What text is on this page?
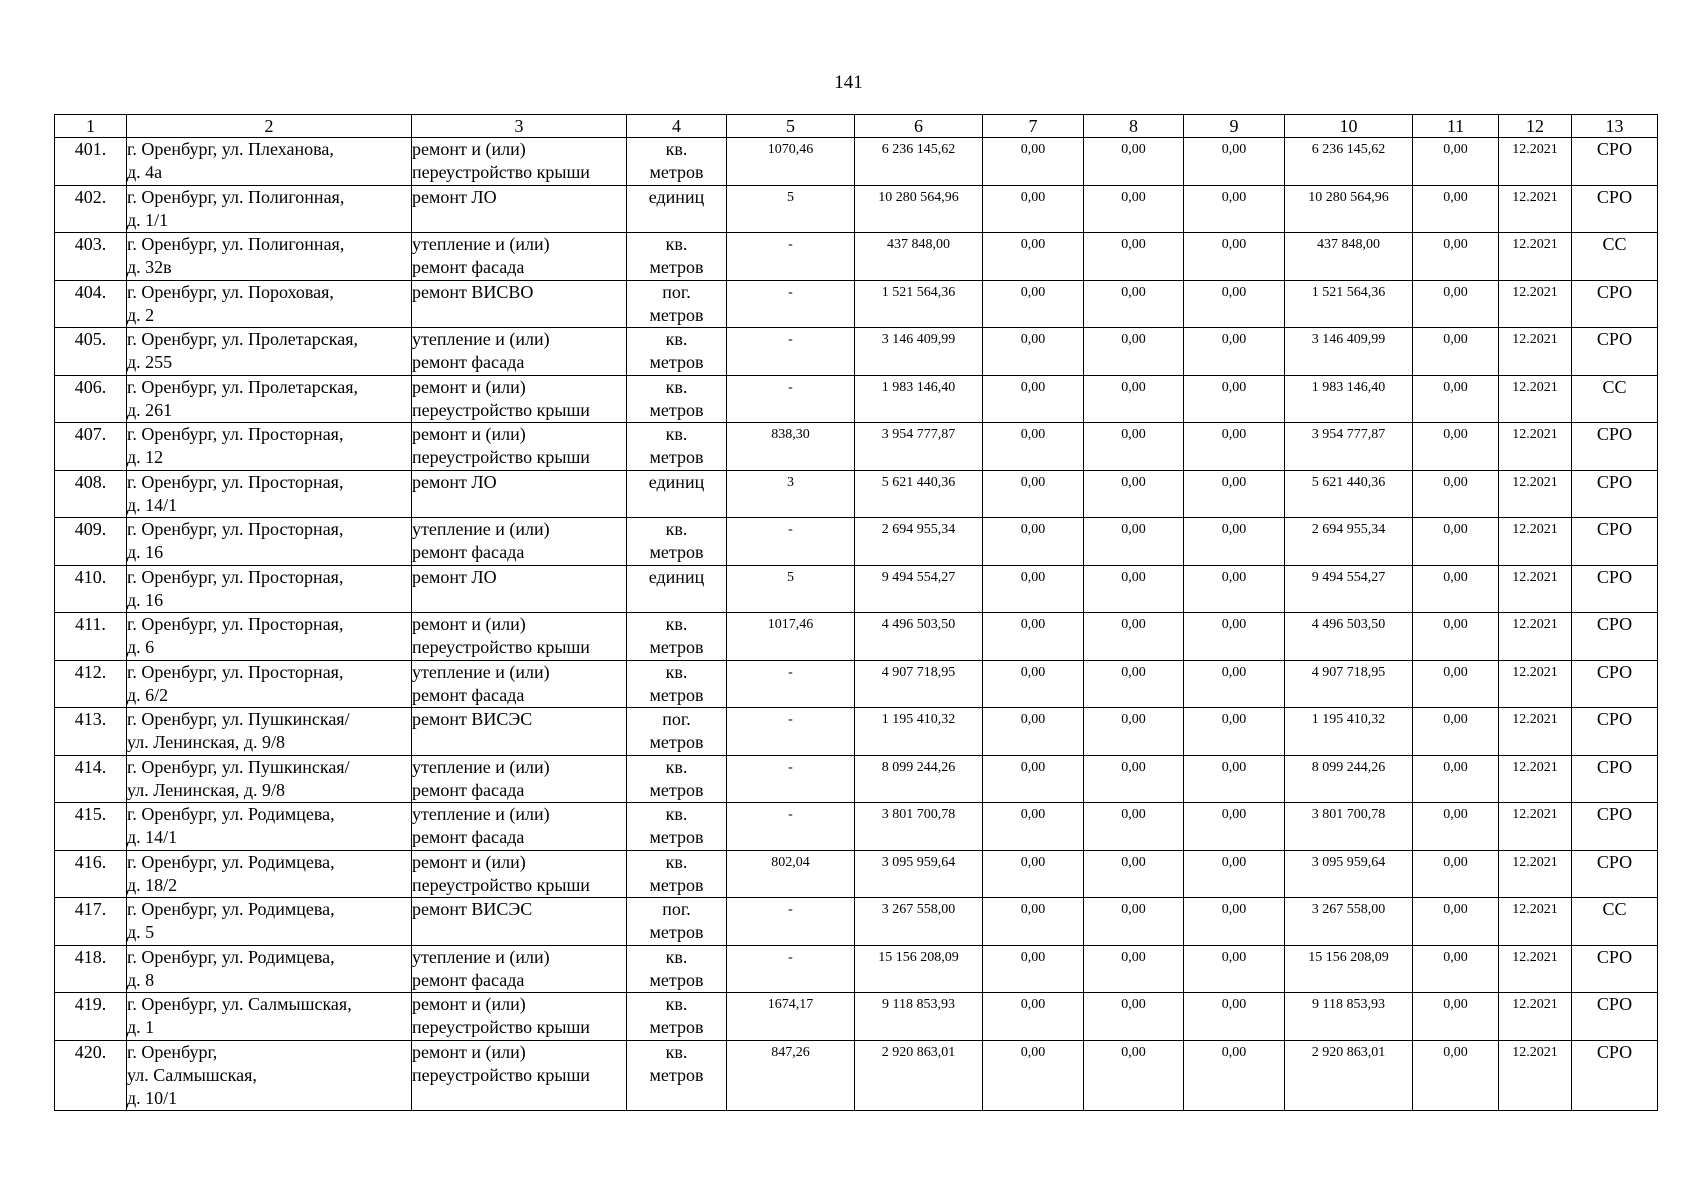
141
1	2	3	4	5	6	7	8	9	10	11	12	13
401.	г. Оренбург, ул. Плеханова,
д. 4а	ремонт и (или)
переустройство крыши	кв.
метров	1070,46	6 236 145,62	0,00	0,00	0,00	6 236 145,62	0,00	12.2021	СРО
402.	г. Оренбург, ул. Полигонная,
д. 1/1	ремонт ЛО	единиц	5	10 280 564,96	0,00	0,00	0,00	10 280 564,96	0,00	12.2021	СРО
403.	г. Оренбург, ул. Полигонная,
д. 32в	утепление и (или)
ремонт фасада	кв.
метров	-	437 848,00	0,00	0,00	0,00	437 848,00	0,00	12.2021	СС
404.	г. Оренбург, ул. Пороховая,
д. 2	ремонт ВИСВО	пог.
метров	-	1 521 564,36	0,00	0,00	0,00	1 521 564,36	0,00	12.2021	СРО
405.	г. Оренбург, ул. Пролетарская,
д. 255	утепление и (или)
ремонт фасада	кв.
метров	-	3 146 409,99	0,00	0,00	0,00	3 146 409,99	0,00	12.2021	СРО
406.	г. Оренбург, ул. Пролетарская,
д. 261	ремонт и (или)
переустройство крыши	кв.
метров	-	1 983 146,40	0,00	0,00	0,00	1 983 146,40	0,00	12.2021	СС
407.	г. Оренбург, ул. Просторная,
д. 12	ремонт и (или)
переустройство крыши	кв.
метров	838,30	3 954 777,87	0,00	0,00	0,00	3 954 777,87	0,00	12.2021	СРО
408.	г. Оренбург, ул. Просторная,
д. 14/1	ремонт ЛО	единиц	3	5 621 440,36	0,00	0,00	0,00	5 621 440,36	0,00	12.2021	СРО
409.	г. Оренбург, ул. Просторная,
д. 16	утепление и (или)
ремонт фасада	кв.
метров	-	2 694 955,34	0,00	0,00	0,00	2 694 955,34	0,00	12.2021	СРО
410.	г. Оренбург, ул. Просторная,
д. 16	ремонт ЛО	единиц	5	9 494 554,27	0,00	0,00	0,00	9 494 554,27	0,00	12.2021	СРО
411.	г. Оренбург, ул. Просторная,
д. 6	ремонт и (или)
переустройство крыши	кв.
метров	1017,46	4 496 503,50	0,00	0,00	0,00	4 496 503,50	0,00	12.2021	СРО
412.	г. Оренбург, ул. Просторная,
д. 6/2	утепление и (или)
ремонт фасада	кв.
метров	-	4 907 718,95	0,00	0,00	0,00	4 907 718,95	0,00	12.2021	СРО
413.	г. Оренбург, ул. Пушкинская/
ул. Ленинская, д. 9/8	ремонт ВИСЭС	пог.
метров	-	1 195 410,32	0,00	0,00	0,00	1 195 410,32	0,00	12.2021	СРО
414.	г. Оренбург, ул. Пушкинская/
ул. Ленинская, д. 9/8	утепление и (или)
ремонт фасада	кв.
метров	-	8 099 244,26	0,00	0,00	0,00	8 099 244,26	0,00	12.2021	СРО
415.	г. Оренбург, ул. Родимцева,
д. 14/1	утепление и (или)
ремонт фасада	кв.
метров	-	3 801 700,78	0,00	0,00	0,00	3 801 700,78	0,00	12.2021	СРО
416.	г. Оренбург, ул. Родимцева,
д. 18/2	ремонт и (или)
переустройство крыши	кв.
метров	802,04	3 095 959,64	0,00	0,00	0,00	3 095 959,64	0,00	12.2021	СРО
417.	г. Оренбург, ул. Родимцева,
д. 5	ремонт ВИСЭС	пог.
метров	-	3 267 558,00	0,00	0,00	0,00	3 267 558,00	0,00	12.2021	СС
418.	г. Оренбург, ул. Родимцева,
д. 8	утепление и (или)
ремонт фасада	кв.
метров	-	15 156 208,09	0,00	0,00	0,00	15 156 208,09	0,00	12.2021	СРО
419.	г. Оренбург, ул. Салмышская,
д. 1	ремонт и (или)
переустройство крыши	кв.
метров	1674,17	9 118 853,93	0,00	0,00	0,00	9 118 853,93	0,00	12.2021	СРО
420.	г. Оренбург,
ул. Салмышская,
д. 10/1	ремонт и (или)
переустройство крыши	кв.
метров	847,26	2 920 863,01	0,00	0,00	0,00	2 920 863,01	0,00	12.2021	СРО
